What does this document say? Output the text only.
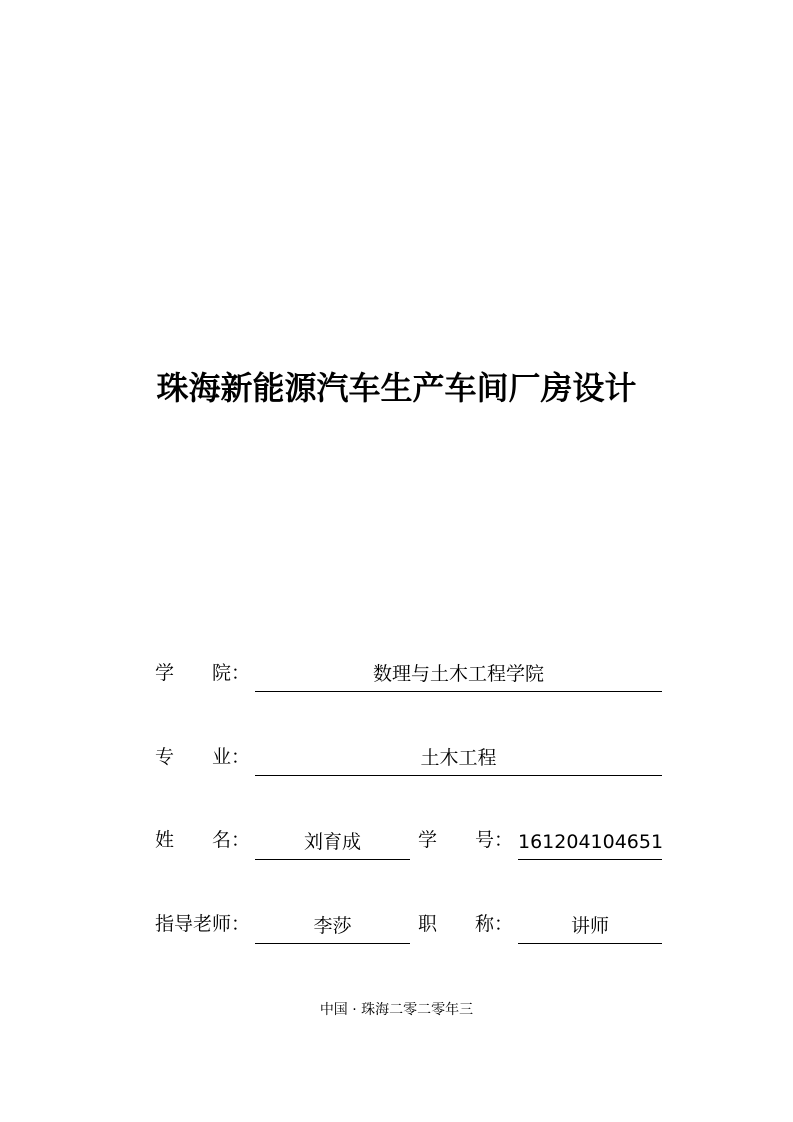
珠海新能源汽车生产车间厂房设计
学　　院：	数理与土木工程学院
专　　业：	土木工程
姓　　名：	刘育成	学　　号： 161204104651
指导老师：	李莎	职　　称：	讲师
中国 · 珠海二零二零年三
